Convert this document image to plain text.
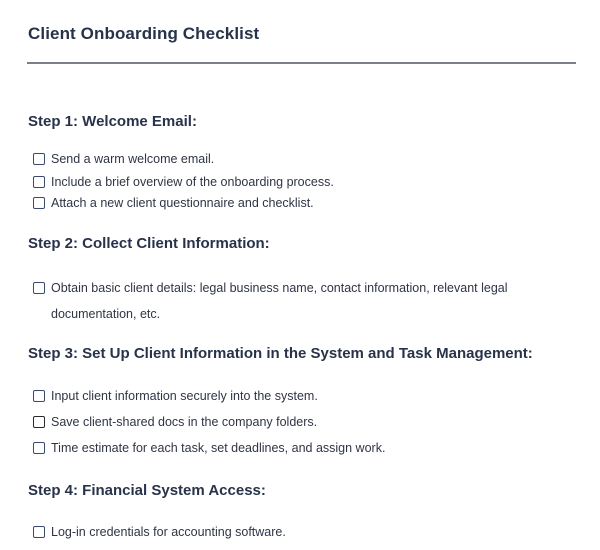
Client Onboarding Checklist
Step 1: Welcome Email:
Send a warm welcome email.
Include a brief overview of the onboarding process.
Attach a new client questionnaire and checklist.
Step 2: Collect Client Information:
Obtain basic client details: legal business name, contact information, relevant legal documentation, etc.
Step 3: Set Up Client Information in the System and Task Management:
Input client information securely into the system.
Save client-shared docs in the company folders.
Time estimate for each task, set deadlines, and assign work.
Step 4: Financial System Access:
Log-in credentials for accounting software.
